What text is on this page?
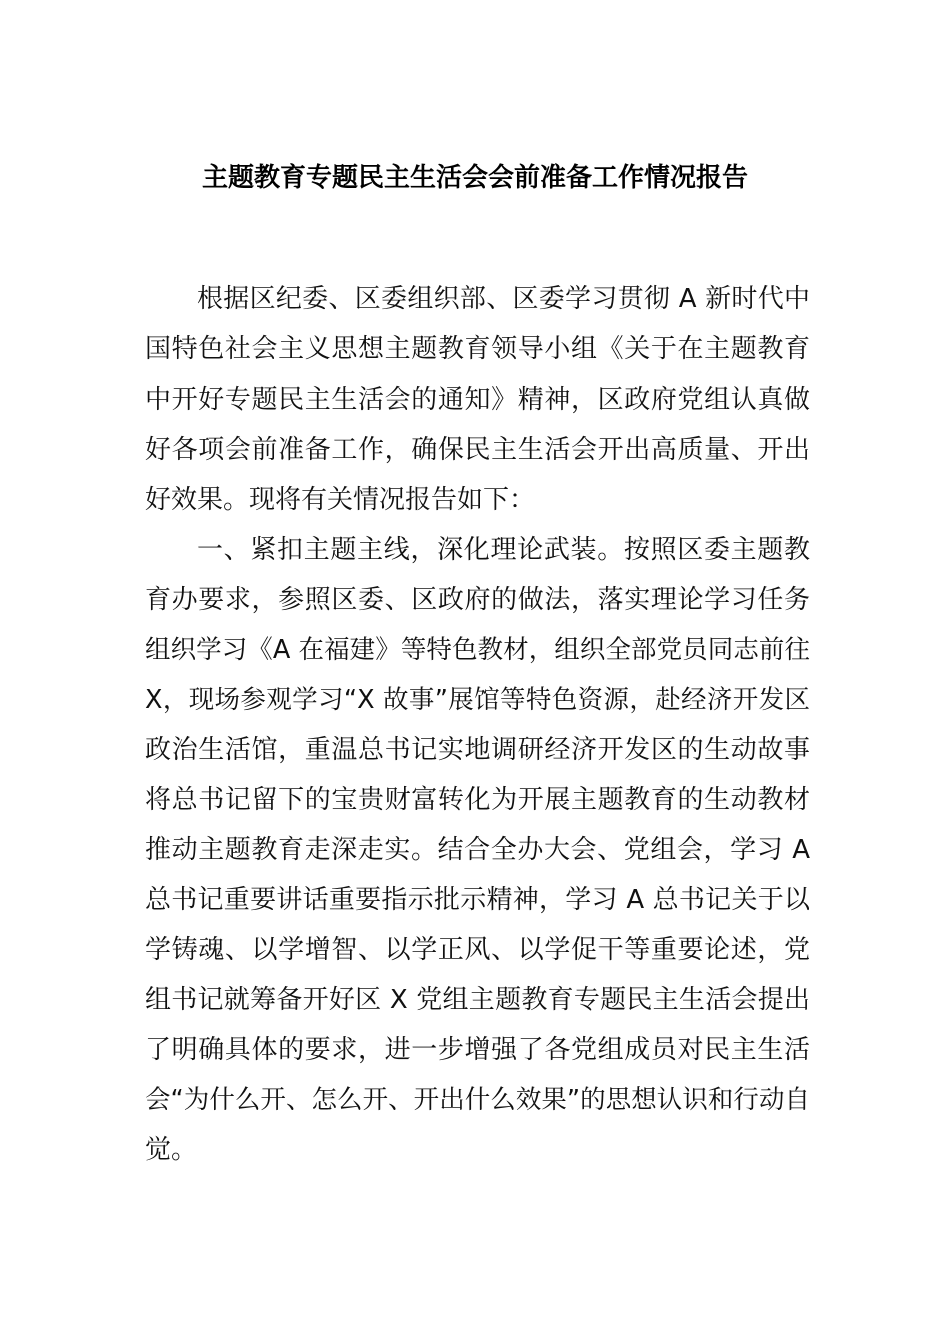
主题教育专题民主生活会会前准备工作情况报告

根据区纪委、区委组织部、区委学习贯彻 A 新时代中

国特色社会主义思想主题教育领导小组《关于在主题教育

中开好专题民主生活会的通知》精神，区政府党组认真做

好各项会前准备工作，确保民主生活会开出高质量、开出

好效果。现将有关情况报告如下：

一、紧扣主题主线，深化理论武装。按照区委主题教

育办要求，参照区委、区政府的做法，落实理论学习任务

组织学习《A 在福建》等特色教材，组织全部党员同志前往

X，现场参观学习“X 故事”展馆等特色资源，赴经济开发区

政治生活馆，重温总书记实地调研经济开发区的生动故事

将总书记留下的宝贵财富转化为开展主题教育的生动教材

推动主题教育走深走实。结合全办大会、党组会，学习 A

总书记重要讲话重要指示批示精神，学习 A 总书记关于以

学铸魂、以学增智、以学正风、以学促干等重要论述，党

组书记就筹备开好区 X 党组主题教育专题民主生活会提出

了明确具体的要求，进一步增强了各党组成员对民主生活

会“为什么开、怎么开、开出什么效果”的思想认识和行动自

觉。
